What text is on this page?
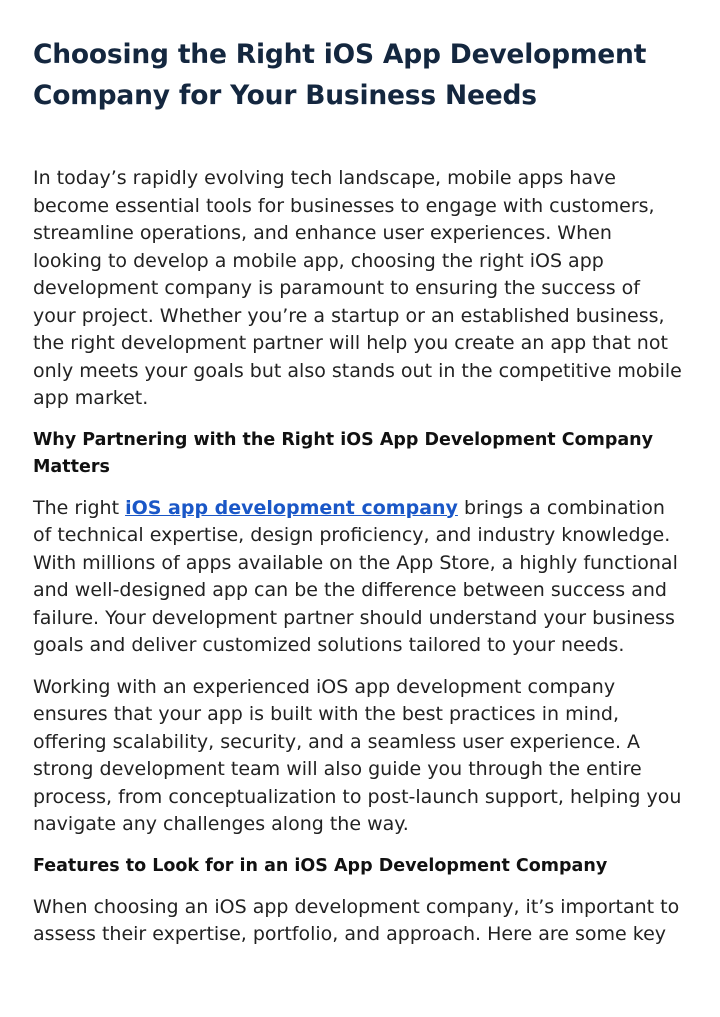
Choosing the Right iOS App Development Company for Your Business Needs

In today’s rapidly evolving tech landscape, mobile apps have become essential tools for businesses to engage with customers, streamline operations, and enhance user experiences. When looking to develop a mobile app, choosing the right iOS app development company is paramount to ensuring the success of your project. Whether you’re a startup or an established business, the right development partner will help you create an app that not only meets your goals but also stands out in the competitive mobile app market.

Why Partnering with the Right iOS App Development Company Matters

The right iOS app development company brings a combination of technical expertise, design proficiency, and industry knowledge. With millions of apps available on the App Store, a highly functional and well-designed app can be the difference between success and failure. Your development partner should understand your business goals and deliver customized solutions tailored to your needs.

Working with an experienced iOS app development company ensures that your app is built with the best practices in mind, offering scalability, security, and a seamless user experience. A strong development team will also guide you through the entire process, from conceptualization to post-launch support, helping you navigate any challenges along the way.

Features to Look for in an iOS App Development Company

When choosing an iOS app development company, it’s important to assess their expertise, portfolio, and approach. Here are some key
